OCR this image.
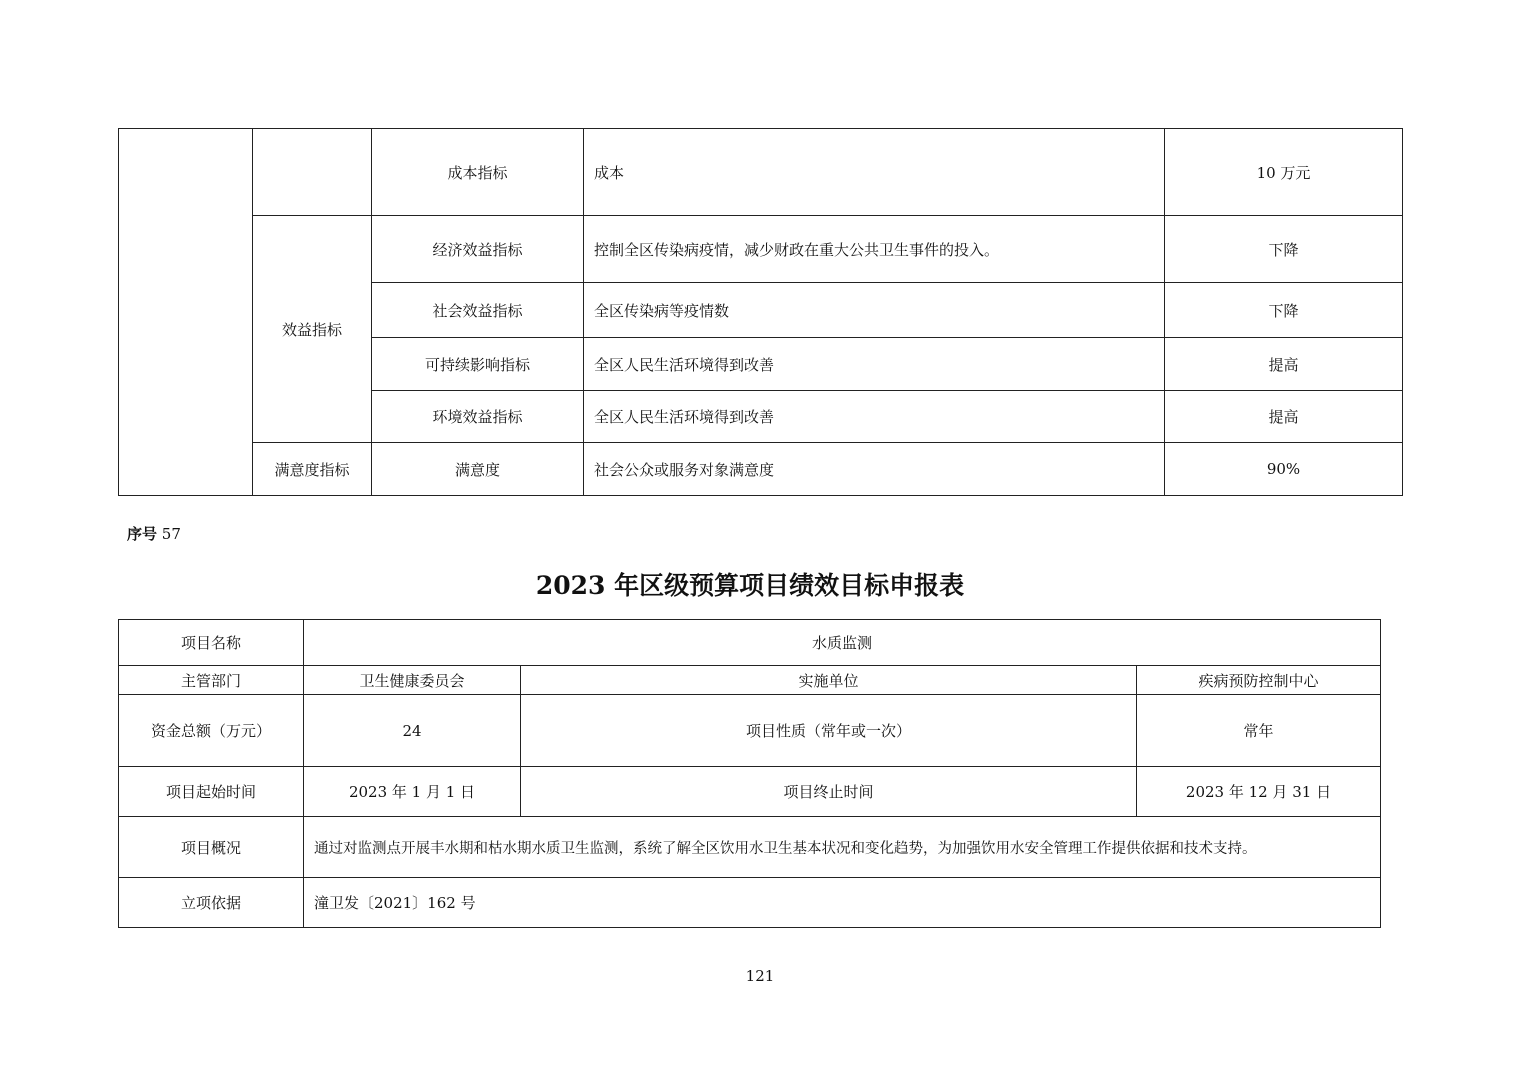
		成本指标	成本	10 万元
	效益指标	经济效益指标	控制全区传染病疫情，减少财政在重大公共卫生事件的投入。	下降
		社会效益指标	全区传染病等疫情数	下降
		可持续影响指标	全区人民生活环境得到改善	提高
		环境效益指标	全区人民生活环境得到改善	提高
	满意度指标	满意度	社会公众或服务对象满意度	90%
序号 57
2023 年区级预算项目绩效目标申报表
项目名称	水质监测		
主管部门	卫生健康委员会	实施单位	疾病预防控制中心
资金总额（万元）	24	项目性质（常年或一次）	常年
项目起始时间	2023 年 1 月 1 日	项目终止时间	2023 年 12 月 31 日
项目概况	通过对监测点开展丰水期和枯水期水质卫生监测，系统了解全区饮用水卫生基本状况和变化趋势，为加强饮用水安全管理工作提供依据和技术支持。		
立项依据	潼卫发〔2021〕162 号		
121
